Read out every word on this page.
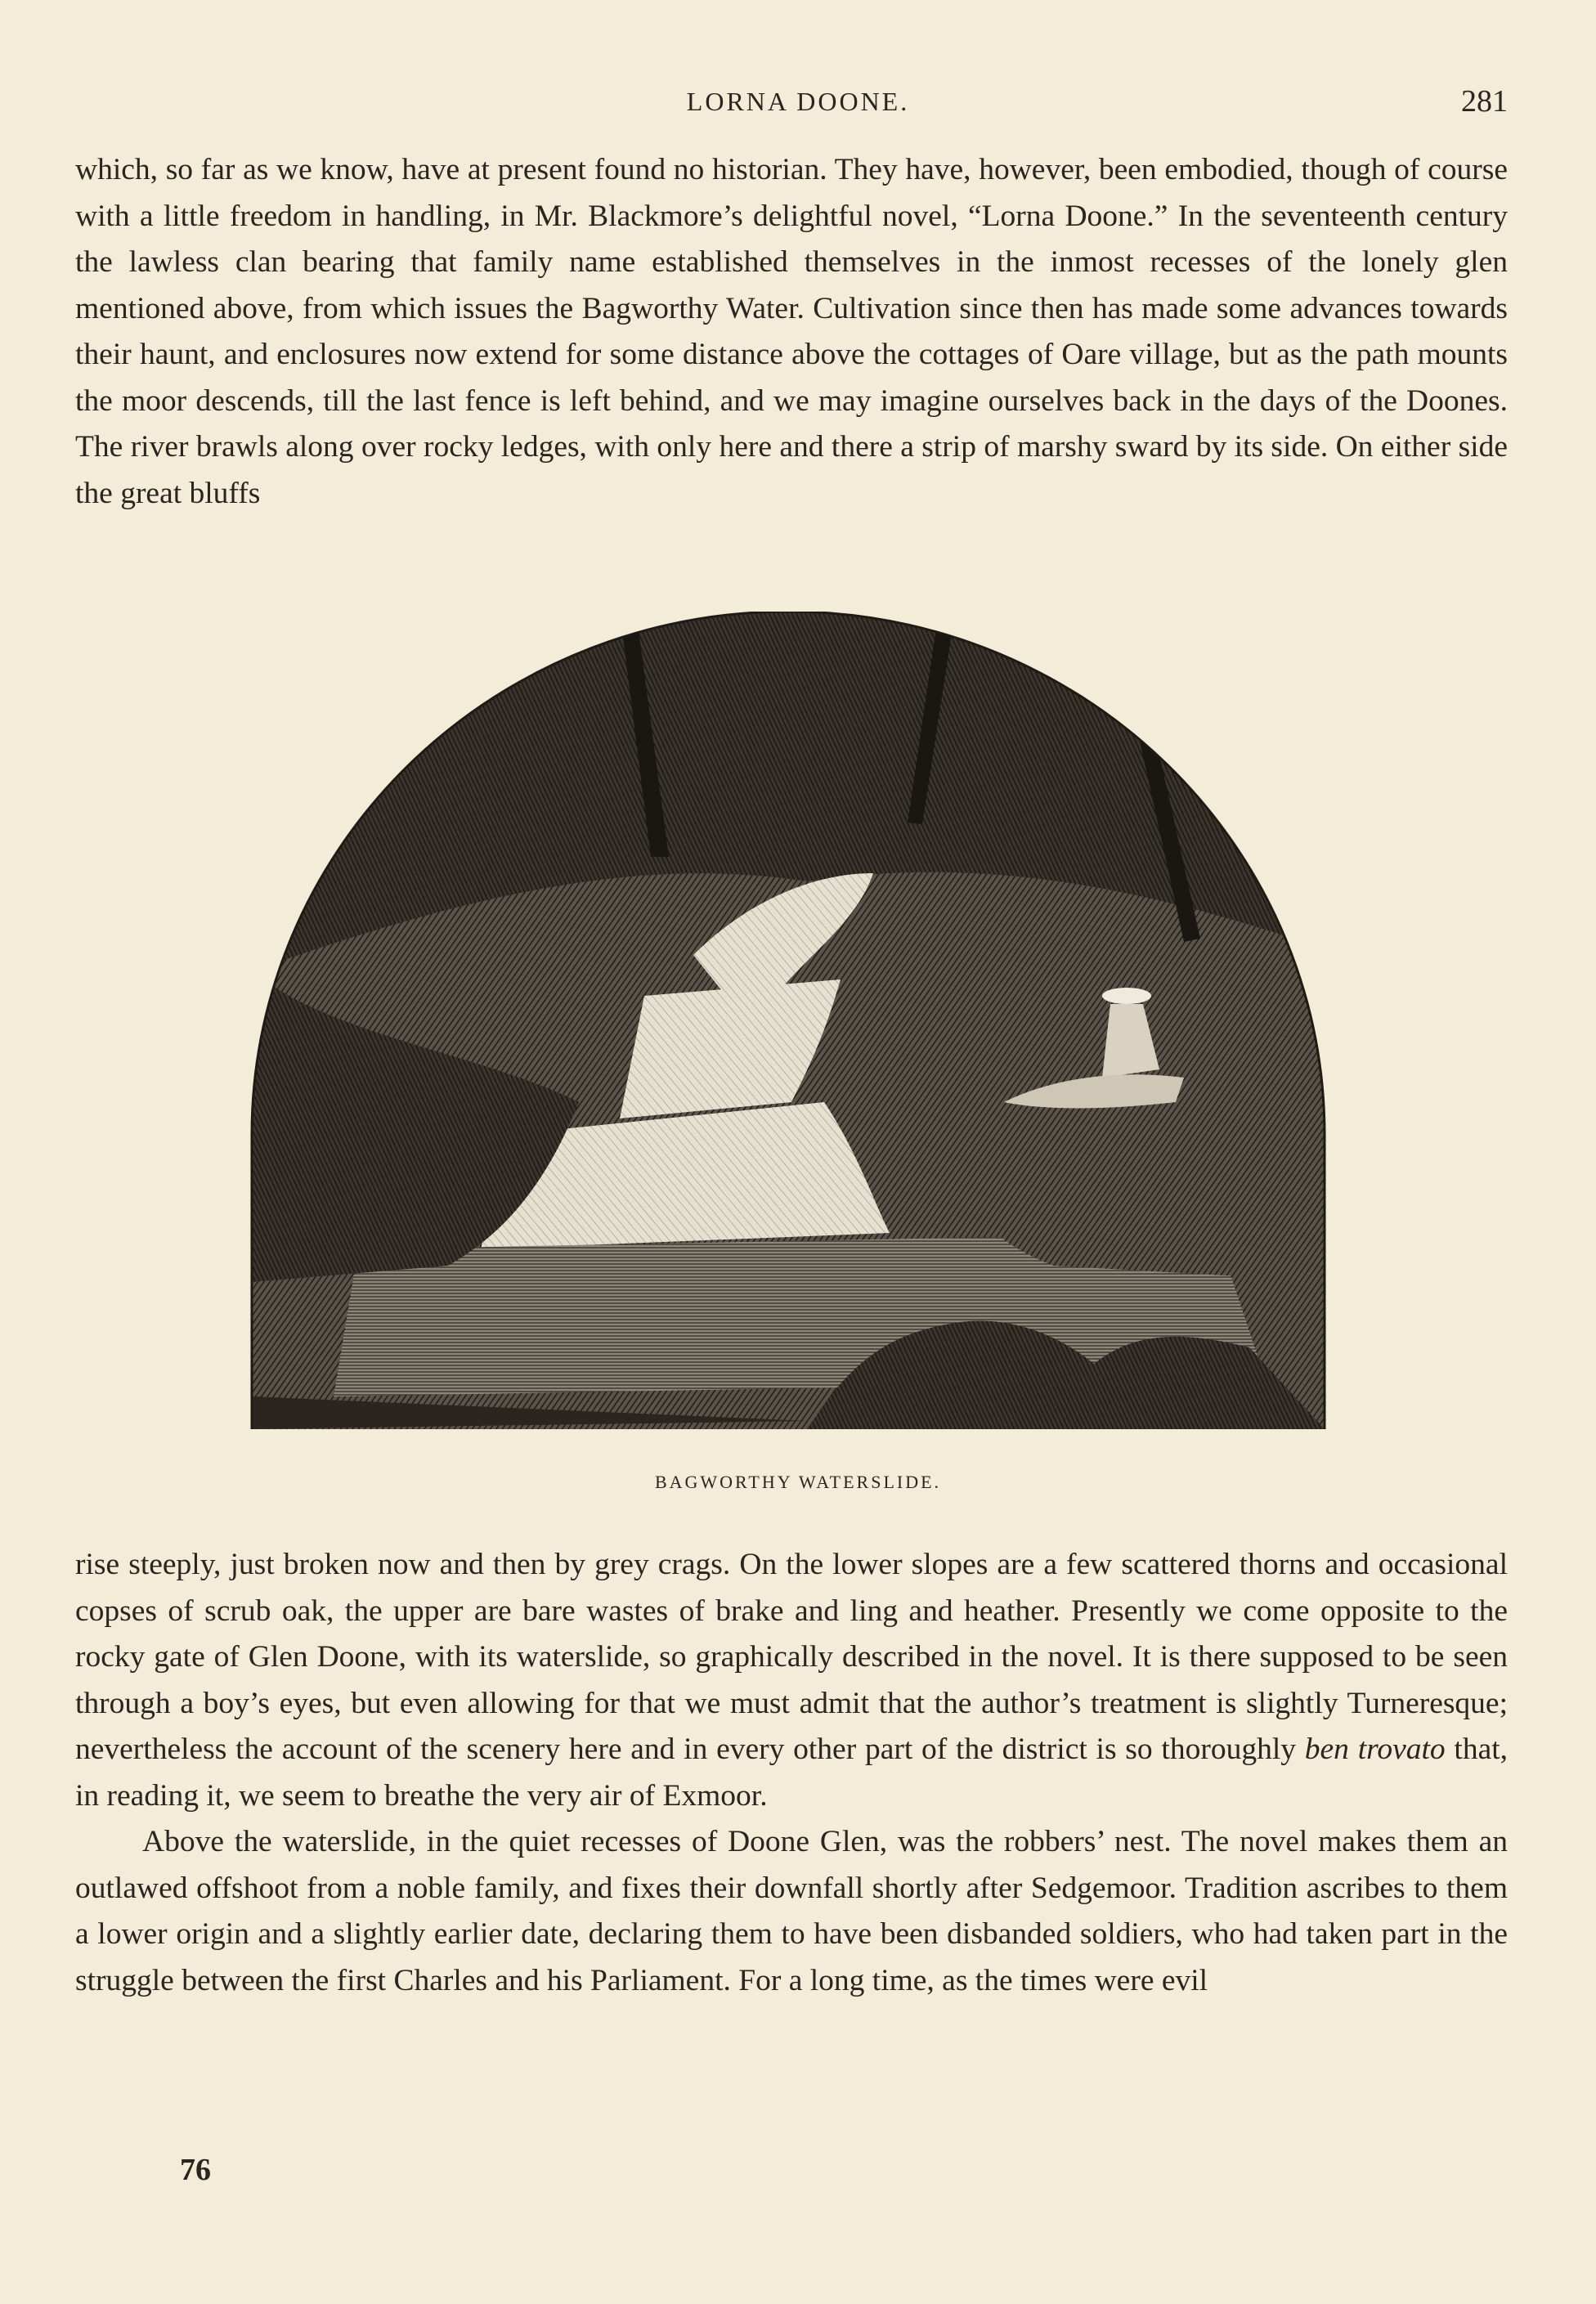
LORNA DOONE.	281

which, so far as we know, have at present found no historian. They have, however, been embodied, though of course with a little freedom in handling, in Mr. Blackmore’s delightful novel, “Lorna Doone.” In the seventeenth century the lawless clan bearing that family name established themselves in the inmost recesses of the lonely glen mentioned above, from which issues the Bagworthy Water. Cultivation since then has made some advances towards their haunt, and enclosures now extend for some distance above the cottages of Oare village, but as the path mounts the moor descends, till the last fence is left behind, and we may imagine ourselves back in the days of the Doones. The river brawls along over rocky ledges, with only here and there a strip of marshy sward by its side. On either side the great bluffs

BAGWORTHY WATERSLIDE.

rise steeply, just broken now and then by grey crags. On the lower slopes are a few scattered thorns and occasional copses of scrub oak, the upper are bare wastes of brake and ling and heather. Presently we come opposite to the rocky gate of Glen Doone, with its waterslide, so graphically described in the novel. It is there supposed to be seen through a boy’s eyes, but even allowing for that we must admit that the author’s treatment is slightly Turneresque; nevertheless the account of the scenery here and in every other part of the district is so thoroughly ben trovato that, in reading it, we seem to breathe the very air of Exmoor.

Above the waterslide, in the quiet recesses of Doone Glen, was the robbers’ nest. The novel makes them an outlawed offshoot from a noble family, and fixes their downfall shortly after Sedgemoor. Tradition ascribes to them a lower origin and a slightly earlier date, declaring them to have been disbanded soldiers, who had taken part in the struggle between the first Charles and his Parliament. For a long time, as the times were evil

76
